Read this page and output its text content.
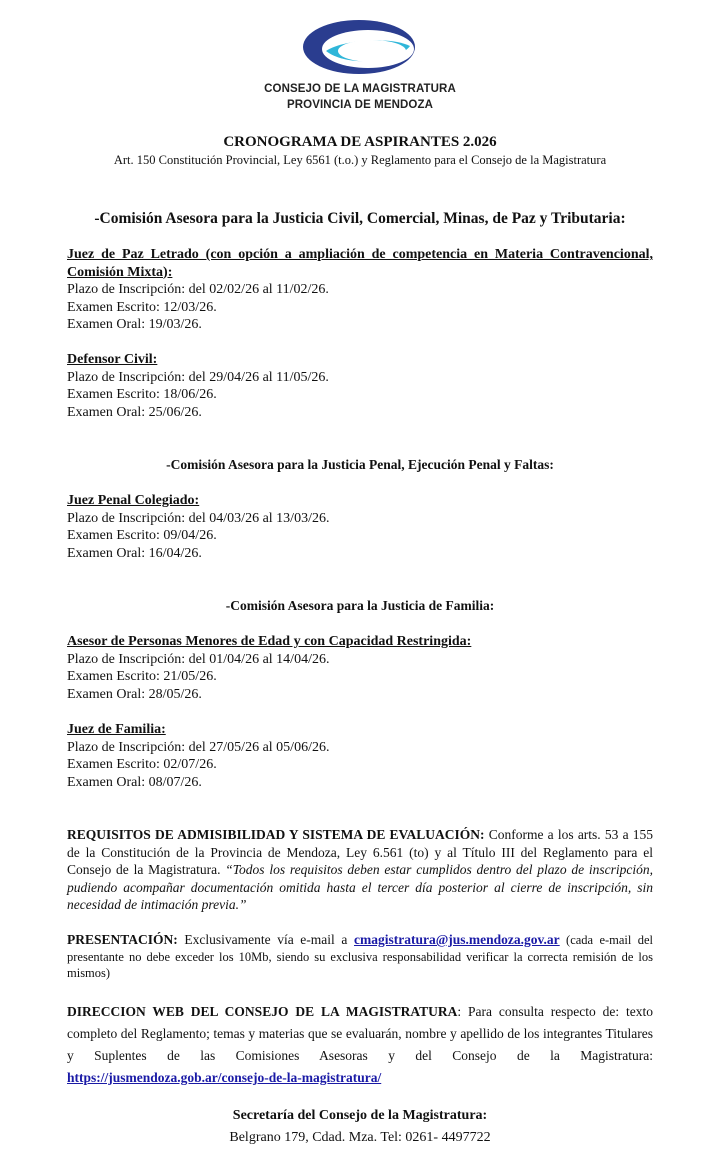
CONSEJO DE LA MAGISTRATURA
PROVINCIA DE MENDOZA
CRONOGRAMA DE ASPIRANTES 2.026
Art. 150 Constitución Provincial, Ley 6561 (t.o.) y Reglamento para el Consejo de la Magistratura
-Comisión Asesora para la Justicia Civil, Comercial, Minas, de Paz y Tributaria:
Juez de Paz Letrado (con opción a ampliación de competencia en Materia Contravencional, Comisión Mixta):
Plazo de Inscripción: del 02/02/26 al 11/02/26.
Examen Escrito: 12/03/26.
Examen Oral: 19/03/26.
Defensor Civil:
Plazo de Inscripción: del 29/04/26 al 11/05/26.
Examen Escrito: 18/06/26.
Examen Oral: 25/06/26.
-Comisión Asesora para la Justicia Penal, Ejecución Penal y Faltas:
Juez Penal Colegiado:
Plazo de Inscripción: del 04/03/26 al 13/03/26.
Examen Escrito: 09/04/26.
Examen Oral: 16/04/26.
-Comisión Asesora para la Justicia de Familia:
Asesor de Personas Menores de Edad y con Capacidad Restringida:
Plazo de Inscripción: del 01/04/26 al 14/04/26.
Examen Escrito: 21/05/26.
Examen Oral: 28/05/26.
Juez de Familia:
Plazo de Inscripción: del 27/05/26 al 05/06/26.
Examen Escrito: 02/07/26.
Examen Oral: 08/07/26.
REQUISITOS DE ADMISIBILIDAD Y SISTEMA DE EVALUACIÓN: Conforme a los arts. 53 a 155 de la Constitución de la Provincia de Mendoza, Ley 6.561 (to) y al Título III del Reglamento para el Consejo de la Magistratura. “Todos los requisitos deben estar cumplidos dentro del plazo de inscripción, pudiendo acompañar documentación omitida hasta el tercer día posterior al cierre de inscripción, sin necesidad de intimación previa.”
PRESENTACIÓN: Exclusivamente vía e-mail a cmagistratura@jus.mendoza.gov.ar (cada e-mail del presentante no debe exceder los 10Mb, siendo su exclusiva responsabilidad verificar la correcta remisión de los mismos)
DIRECCION WEB DEL CONSEJO DE LA MAGISTRATURA: Para consulta respecto de: texto completo del Reglamento; temas y materias que se evaluarán, nombre y apellido de los integrantes Titulares y Suplentes de las Comisiones Asesoras y del Consejo de la Magistratura: https://jusmendoza.gob.ar/consejo-de-la-magistratura/
Secretaría del Consejo de la Magistratura:
Belgrano 179, Cdad. Mza. Tel: 0261- 4497722
